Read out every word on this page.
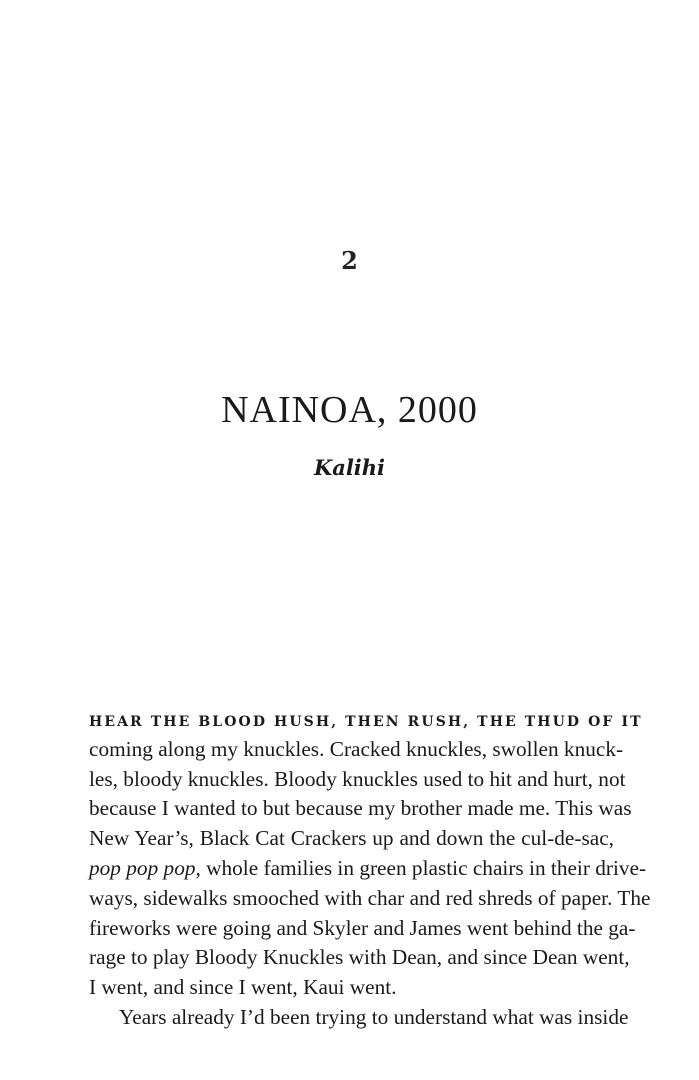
2
NAINOA, 2000
Kalihi
HEAR THE BLOOD HUSH, THEN RUSH, THE THUD OF IT
coming along my knuckles. Cracked knuckles, swollen knuck-
les, bloody knuckles. Bloody knuckles used to hit and hurt, not
because I wanted to but because my brother made me. This was
New Year’s, Black Cat Crackers up and down the cul-de-sac,
pop pop pop, whole families in green plastic chairs in their drive-
ways, sidewalks smooched with char and red shreds of paper. The
fireworks were going and Skyler and James went behind the ga-
rage to play Bloody Knuckles with Dean, and since Dean went,
I went, and since I went, Kaui went.
Years already I’d been trying to understand what was inside
